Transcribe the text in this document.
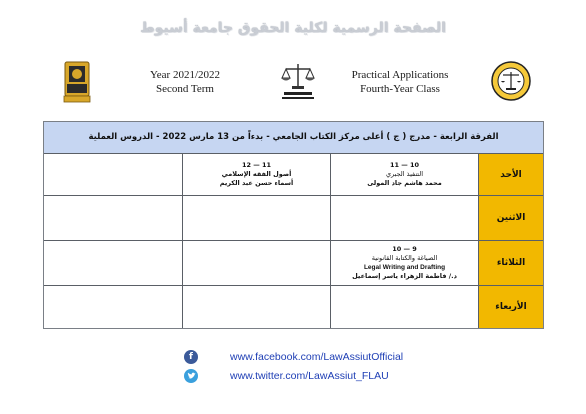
الصفحة الرسمية لكلية الحقوق جامعة أسيوط
Year 2021/2022
Second Term
Practical Applications
Fourth-Year Class
الفرقة الرابعة - مدرج ( ج ) أعلى مركز الكتاب الجامعي - بدءاً من 13 مارس 2022 - الدروس العملية
الأحد
10 — 11
التنفيذ الجبري
محمد هاشم جاد المولى
11 — 12
أصول الفقه الإسلامي
أسماء حسن عبد الكريم
الاثنين
الثلاثاء
9 — 10
الصياغة والكتابة القانونية
Legal Writing and Drafting
د./ فاطمة الزهراء ياسر إسماعيل
الأربعاء
f	www.facebook.com/LawAssiutOfficial
www.twitter.com/LawAssiut_FLAU
